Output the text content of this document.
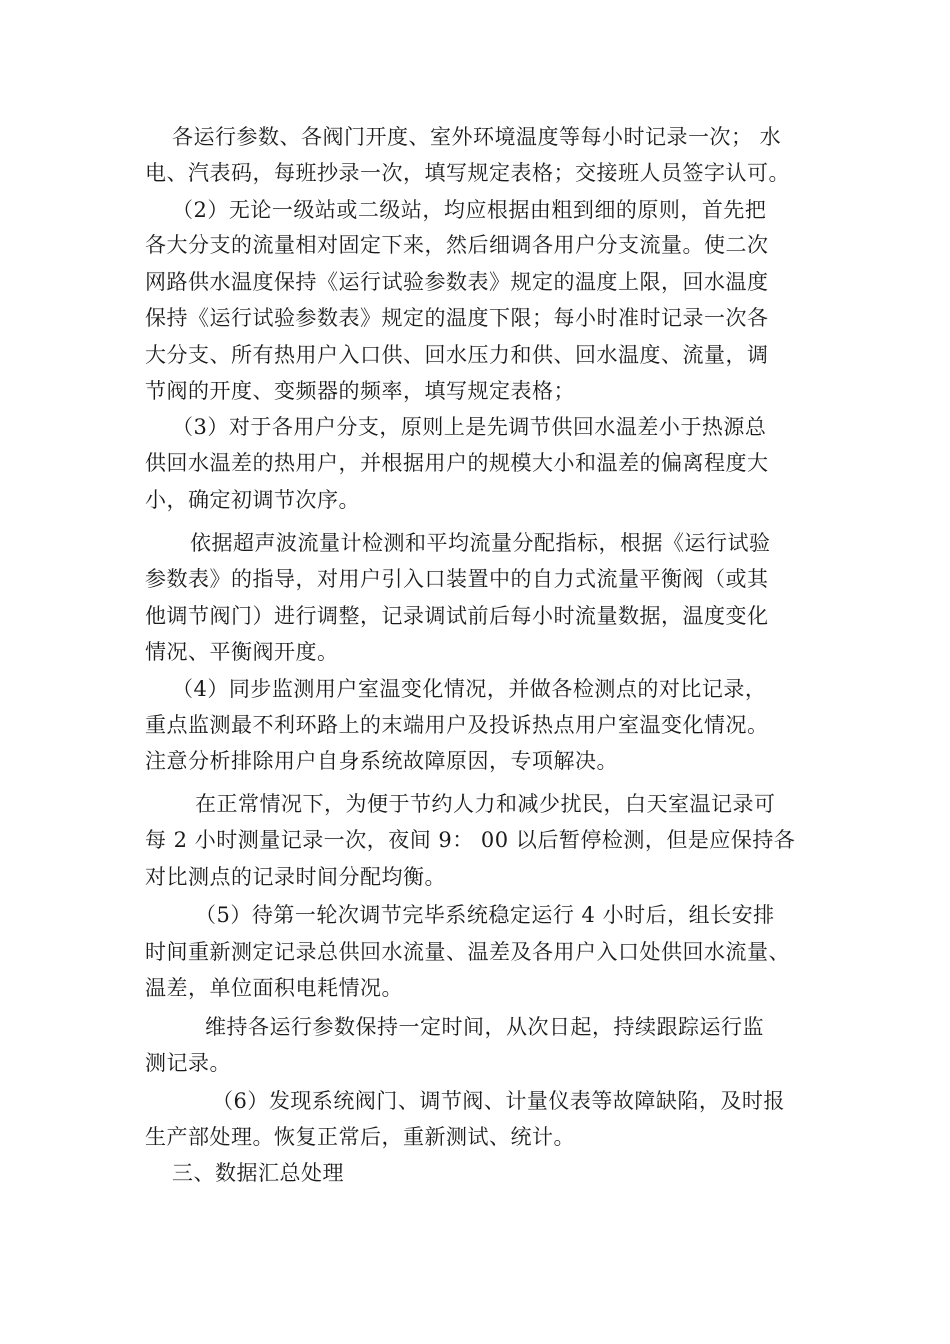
各运行参数、各阀门开度、室外环境温度等每小时记录一次； 水
电、汽表码，每班抄录一次，填写规定表格；交接班人员签字认可。
（2）无论一级站或二级站，均应根据由粗到细的原则，首先把
各大分支的流量相对固定下来，然后细调各用户分支流量。使二次
网路供水温度保持《运行试验参数表》规定的温度上限，回水温度
保持《运行试验参数表》规定的温度下限；每小时准时记录一次各
大分支、所有热用户入口供、回水压力和供、回水温度、流量，调
节阀的开度、变频器的频率，填写规定表格；
（3）对于各用户分支，原则上是先调节供回水温差小于热源总
供回水温差的热用户，并根据用户的规模大小和温差的偏离程度大
小，确定初调节次序。
依据超声波流量计检测和平均流量分配指标，根据《运行试验
参数表》的指导，对用户引入口装置中的自力式流量平衡阀（或其
他调节阀门）进行调整，记录调试前后每小时流量数据，温度变化
情况、平衡阀开度。
（4）同步监测用户室温变化情况，并做各检测点的对比记录，
重点监测最不利环路上的末端用户及投诉热点用户室温变化情况。
注意分析排除用户自身系统故障原因，专项解决。
在正常情况下，为便于节约人力和减少扰民，白天室温记录可
每 2 小时测量记录一次，夜间 9： 00 以后暂停检测，但是应保持各
对比测点的记录时间分配均衡。
（5）待第一轮次调节完毕系统稳定运行 4 小时后，组长安排
时间重新测定记录总供回水流量、温差及各用户入口处供回水流量、
温差，单位面积电耗情况。
维持各运行参数保持一定时间，从次日起，持续跟踪运行监
测记录。
（6）发现系统阀门、调节阀、计量仪表等故障缺陷，及时报
生产部处理。恢复正常后，重新测试、统计。
三、数据汇总处理
